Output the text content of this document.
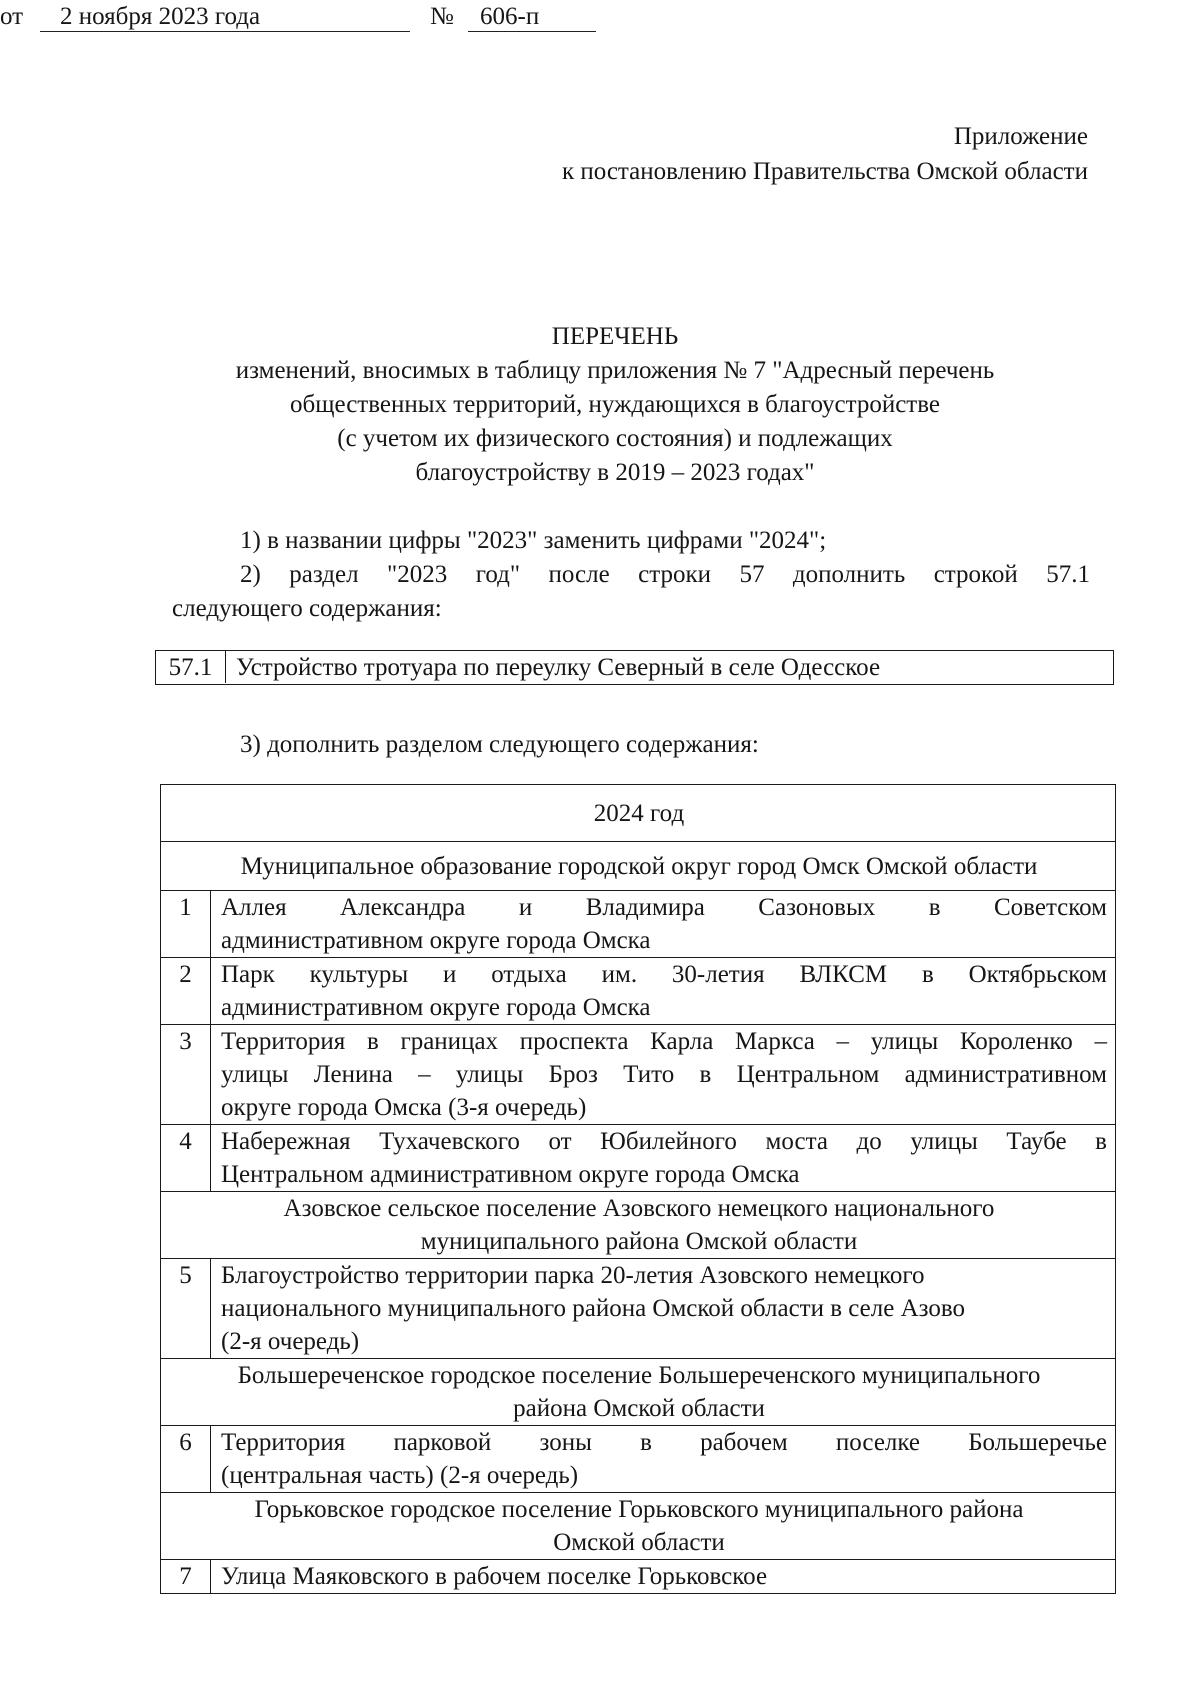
Приложение
к постановлению Правительства Омской области
от	2 ноября 2023 года	№	606-п
ПЕРЕЧЕНЬ
изменений, вносимых в таблицу приложения № 7 "Адресный перечень
общественных территорий, нуждающихся в благоустройстве
(с учетом их физического состояния) и подлежащих
благоустройству в 2019 – 2023 годах"
1) в названии цифры "2023" заменить цифрами "2024";
2) раздел "2023 год" после строки 57 дополнить строкой 57.1
следующего содержания:
57.1 Устройство тротуара по переулку Северный в селе Одесское
3) дополнить разделом следующего содержания:
2024 год	
Муниципальное образование городской округ город Омск Омской области	
1	Аллея Александра и Владимира Сазоновых в Советском
административном округе города Омска
2	Парк культуры и отдыха им. 30-летия ВЛКСМ в Октябрьском
административном округе города Омска
3	Территория в границах проспекта Карла Маркса – улицы Короленко –
улицы Ленина – улицы Броз Тито в Центральном административном
округе города Омска (3-я очередь)
4	Набережная Тухачевского от Юбилейного моста до улицы Таубе в
Центральном административном округе города Омска

Азовское сельское поселение Азовского немецкого национального
муниципального района Омской области	

5	Благоустройство территории парка 20-летия Азовского немецкого
национального муниципального района Омской области в селе Азово
(2-я очередь)

Большереченское городское поселение Большереченского муниципального
района Омской области	

6	Территория парковой зоны в рабочем поселке Большеречье
(центральная часть) (2-я очередь)

Горьковское городское поселение Горьковского муниципального района
Омской области	

7	Улица Маяковского в рабочем поселке Горьковское
